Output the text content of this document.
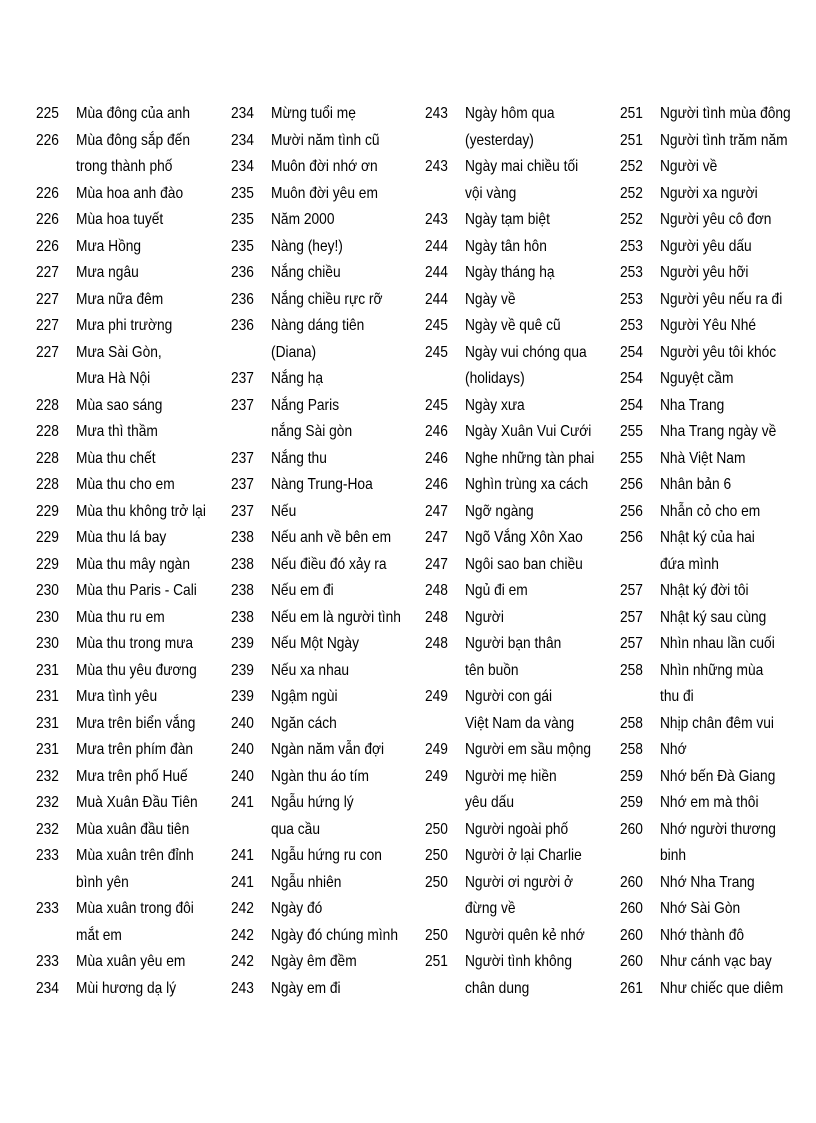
225	Mùa đông của anh
226	Mùa đông sắp đến
trong thành phố
226	Mùa hoa anh đào
226	Mùa hoa tuyết
226	Mưa Hồng
227	Mưa ngâu
227	Mưa nữa đêm
227	Mưa phi trường
227	Mưa Sài Gòn,
Mưa Hà Nội
228	Mùa sao sáng
228	Mưa thì thầm
228	Mùa thu chết
228	Mùa thu cho em
229	Mùa thu không trở lại
229	Mùa thu lá bay
229	Mùa thu mây ngàn
230	Mùa thu Paris - Cali
230	Mùa thu ru em
230	Mùa thu trong mưa
231	Mùa thu yêu đương
231	Mưa tình yêu
231	Mưa trên biển vắng
231	Mưa trên phím đàn
232	Mưa trên phố Huế
232	Muà Xuân Đầu Tiên
232	Mùa xuân đầu tiên
233	Mùa xuân trên đỉnh
bình yên
233	Mùa xuân trong đôi
mắt em
233	Mùa xuân yêu em
234	Mùi hương dạ lý
234	Mừng tuổi mẹ
234	Mười năm tình cũ
234	Muôn đời nhớ ơn
235	Muôn đời yêu em
235	Năm 2000
235	Nàng (hey!)
236	Nắng chiều
236	Nắng chiều rực rỡ
236	Nàng dáng tiên
(Diana)
237	Nắng hạ
237	Nắng Paris
nắng Sài gòn
237	Nắng thu
237	Nàng Trung-Hoa
237	Nếu
238	Nếu anh về bên em
238	Nếu điều đó xảy ra
238	Nếu em đi
238	Nếu em là người tình
239	Nếu Một Ngày
239	Nếu xa nhau
239	Ngậm ngùi
240	Ngăn cách
240	Ngàn năm vẫn đợi
240	Ngàn thu áo tím
241	Ngẫu hứng lý
qua cầu
241	Ngẫu hứng ru con
241	Ngẫu nhiên
242	Ngày đó
242	Ngày đó chúng mình
242	Ngày êm đềm
243	Ngày em đi
243	Ngày hôm qua
(yesterday)
243	Ngày mai chiều tối
vội vàng
243	Ngày tạm biệt
244	Ngày tân hôn
244	Ngày tháng hạ
244	Ngày về
245	Ngày về quê cũ
245	Ngày vui chóng qua
(holidays)
245	Ngày xưa
246	Ngày Xuân Vui Cưới
246	Nghe những tàn phai
246	Nghìn trùng xa cách
247	Ngỡ ngàng
247	Ngõ Vắng Xôn Xao
247	Ngôi sao ban chiều
248	Ngủ đi em
248	Người
248	Người bạn thân
tên buồn
249	Người con gái
Việt Nam da vàng
249	Người em sầu mộng
249	Người mẹ hiền
yêu dấu
250	Người ngoài phố
250	Người ở lại Charlie
250	Người ơi người ở
đừng về
250	Người quên kẻ nhớ
251	Người tình không
chân dung
251	Người tình mùa đông
251	Người tình trăm năm
252	Người về
252	Người xa người
252	Người yêu cô đơn
253	Người yêu dấu
253	Người yêu hỡi
253	Người yêu nếu ra đi
253	Người Yêu Nhé
254	Người yêu tôi khóc
254	Nguyệt cầm
254	Nha Trang
255	Nha Trang ngày về
255	Nhà Việt Nam
256	Nhân bản 6
256	Nhẫn cỏ cho em
256	Nhật ký của hai
đứa mình
257	Nhật ký đời tôi
257	Nhật ký sau cùng
257	Nhìn nhau lần cuối
258	Nhìn những mùa
thu đi
258	Nhịp chân đêm vui
258	Nhớ
259	Nhớ bến Đà Giang
259	Nhớ em mà thôi
260	Nhớ người thương
binh
260	Nhớ Nha Trang
260	Nhớ Sài Gòn
260	Nhớ thành đô
260	Như cánh vạc bay
261	Như chiếc que diêm
